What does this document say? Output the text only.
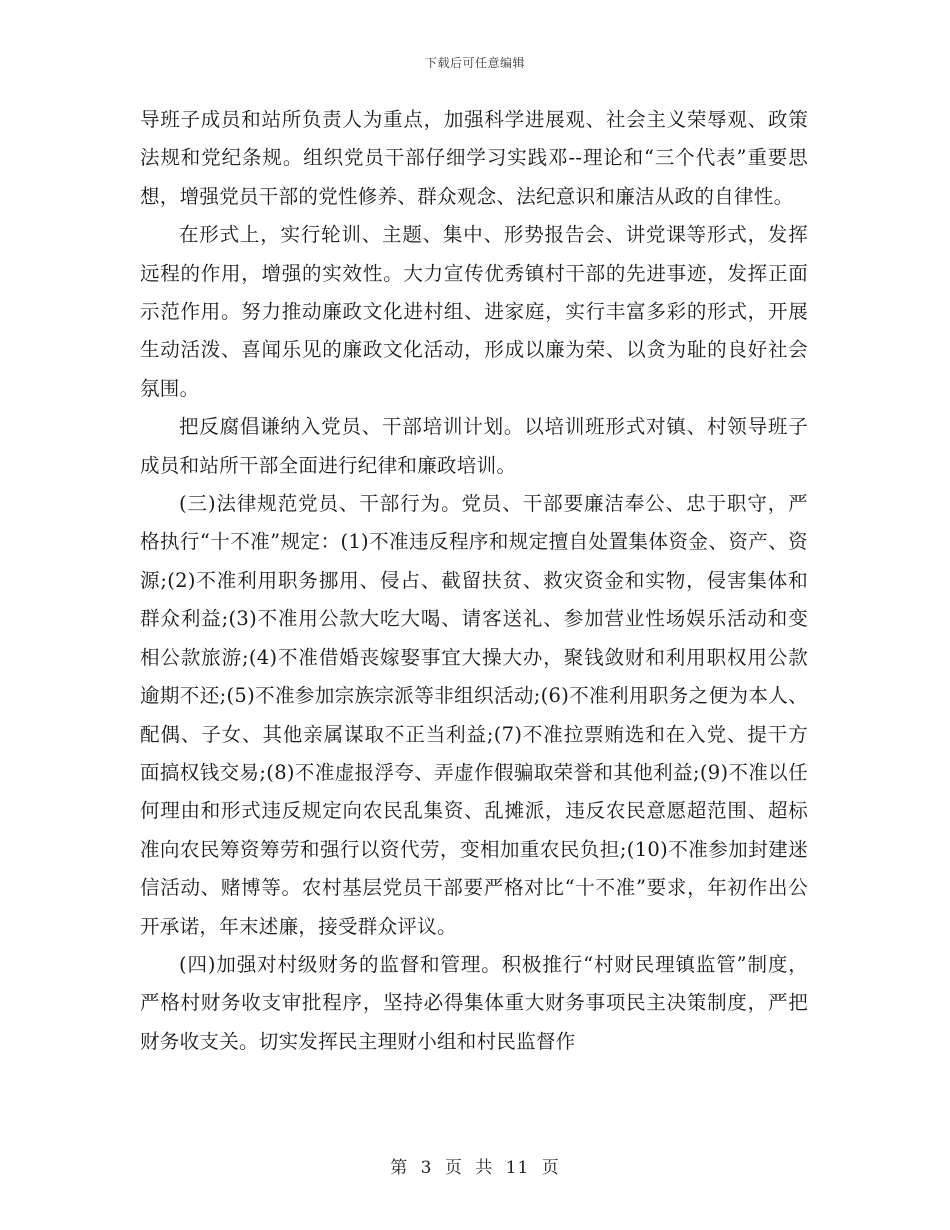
下载后可任意编辑

导班子成员和站所负责人为重点，加强科学进展观、社会主义荣辱观、政策法规和党纪条规。组织党员干部仔细学习实践邓--理论和“三个代表”重要思想，增强党员干部的党性修养、群众观念、法纪意识和廉洁从政的自律性。

在形式上，实行轮训、主题、集中、形势报告会、讲党课等形式，发挥远程的作用，增强的实效性。大力宣传优秀镇村干部的先进事迹，发挥正面示范作用。努力推动廉政文化进村组、进家庭，实行丰富多彩的形式，开展生动活泼、喜闻乐见的廉政文化活动，形成以廉为荣、以贪为耻的良好社会氛围。

把反腐倡谦纳入党员、干部培训计划。以培训班形式对镇、村领导班子成员和站所干部全面进行纪律和廉政培训。

(三)法律规范党员、干部行为。党员、干部要廉洁奉公、忠于职守，严格执行“十不准”规定：(1)不准违反程序和规定擅自处置集体资金、资产、资源;(2)不准利用职务挪用、侵占、截留扶贫、救灾资金和实物，侵害集体和群众利益;(3)不准用公款大吃大喝、请客送礼、参加营业性场娱乐活动和变相公款旅游;(4)不准借婚丧嫁娶事宜大操大办，聚钱敛财和利用职权用公款逾期不还;(5)不准参加宗族宗派等非组织活动;(6)不准利用职务之便为本人、配偶、子女、其他亲属谋取不正当利益;(7)不准拉票贿选和在入党、提干方面搞权钱交易;(8)不准虚报浮夸、弄虚作假骗取荣誉和其他利益;(9)不准以任何理由和形式违反规定向农民乱集资、乱摊派，违反农民意愿超范围、超标准向农民筹资筹劳和强行以资代劳，变相加重农民负担;(10)不准参加封建迷信活动、赌博等。农村基层党员干部要严格对比“十不准”要求，年初作出公开承诺，年末述廉，接受群众评议。

(四)加强对村级财务的监督和管理。积极推行“村财民理镇监管”制度，严格村财务收支审批程序，坚持必得集体重大财务事项民主决策制度，严把财务收支关。切实发挥民主理财小组和村民监督作

第 3 页 共 11 页
